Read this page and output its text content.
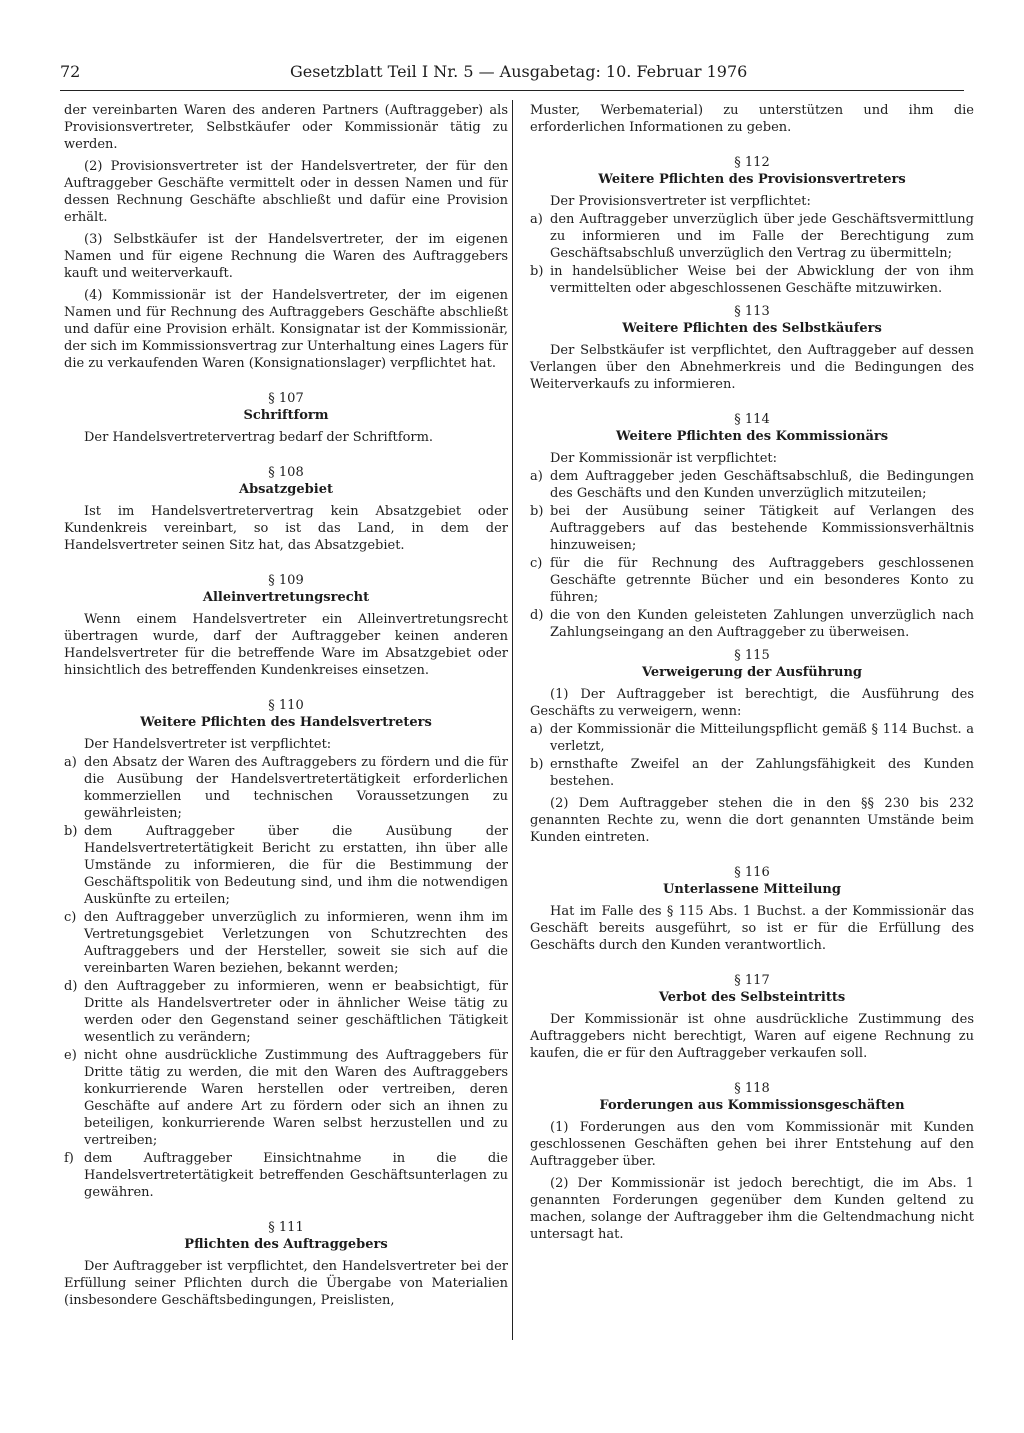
72	Gesetzblatt Teil I Nr. 5 — Ausgabetag: 10. Februar 1976

der vereinbarten Waren des anderen Partners (Auftraggeber) als Provisionsvertreter, Selbstkäufer oder Kommissionär tätig zu werden.

(2) Provisionsvertreter ist der Handelsvertreter, der für den Auftraggeber Geschäfte vermittelt oder in dessen Namen und für dessen Rechnung Geschäfte abschließt und dafür eine Provision erhält.

(3) Selbstkäufer ist der Handelsvertreter, der im eigenen Namen und für eigene Rechnung die Waren des Auftraggebers kauft und weiterverkauft.

(4) Kommissionär ist der Handelsvertreter, der im eigenen Namen und für Rechnung des Auftraggebers Geschäfte abschließt und dafür eine Provision erhält. Konsignatar ist der Kommissionär, der sich im Kommissionsvertrag zur Unterhaltung eines Lagers für die zu verkaufenden Waren (Konsignationslager) verpflichtet hat.

§ 107

Schriftform

Der Handelsvertretervertrag bedarf der Schriftform.

§ 108

Absatzgebiet

Ist im Handelsvertretervertrag kein Absatzgebiet oder Kundenkreis vereinbart, so ist das Land, in dem der Handelsvertreter seinen Sitz hat, das Absatzgebiet.

§ 109

Alleinvertretungsrecht

Wenn einem Handelsvertreter ein Alleinvertretungsrecht übertragen wurde, darf der Auftraggeber keinen anderen Handelsvertreter für die betreffende Ware im Absatzgebiet oder hinsichtlich des betreffenden Kundenkreises einsetzen.

§ 110

Weitere Pflichten des Handelsvertreters

Der Handelsvertreter ist verpflichtet:

a) den Absatz der Waren des Auftraggebers zu fördern und die für die Ausübung der Handelsvertretertätigkeit erforderlichen kommerziellen und technischen Voraussetzungen zu gewährleisten;
b) dem Auftraggeber über die Ausübung der Handelsvertretertätigkeit Bericht zu erstatten, ihn über alle Umstände zu informieren, die für die Bestimmung der Geschäftspolitik von Bedeutung sind, und ihm die notwendigen Auskünfte zu erteilen;
c) den Auftraggeber unverzüglich zu informieren, wenn ihm im Vertretungsgebiet Verletzungen von Schutzrechten des Auftraggebers und der Hersteller, soweit sie sich auf die vereinbarten Waren beziehen, bekannt werden;
d) den Auftraggeber zu informieren, wenn er beabsichtigt, für Dritte als Handelsvertreter oder in ähnlicher Weise tätig zu werden oder den Gegenstand seiner geschäftlichen Tätigkeit wesentlich zu verändern;
e) nicht ohne ausdrückliche Zustimmung des Auftraggebers für Dritte tätig zu werden, die mit den Waren des Auftraggebers konkurrierende Waren herstellen oder vertreiben, deren Geschäfte auf andere Art zu fördern oder sich an ihnen zu beteiligen, konkurrierende Waren selbst herzustellen und zu vertreiben;
f) dem Auftraggeber Einsichtnahme in die die Handelsvertretertätigkeit betreffenden Geschäftsunterlagen zu gewähren.

§ 111

Pflichten des Auftraggebers

Der Auftraggeber ist verpflichtet, den Handelsvertreter bei der Erfüllung seiner Pflichten durch die Übergabe von Materialien (insbesondere Geschäftsbedingungen, Preislisten,

Muster, Werbematerial) zu unterstützen und ihm die erforderlichen Informationen zu geben.

§ 112

Weitere Pflichten des Provisionsvertreters

Der Provisionsvertreter ist verpflichtet:

a) den Auftraggeber unverzüglich über jede Geschäftsvermittlung zu informieren und im Falle der Berechtigung zum Geschäftsabschluß unverzüglich den Vertrag zu übermitteln;
b) in handelsüblicher Weise bei der Abwicklung der von ihm vermittelten oder abgeschlossenen Geschäfte mitzuwirken.

§ 113

Weitere Pflichten des Selbstkäufers

Der Selbstkäufer ist verpflichtet, den Auftraggeber auf dessen Verlangen über den Abnehmerkreis und die Bedingungen des Weiterverkaufs zu informieren.

§ 114

Weitere Pflichten des Kommissionärs

Der Kommissionär ist verpflichtet:

a) dem Auftraggeber jeden Geschäftsabschluß, die Bedingungen des Geschäfts und den Kunden unverzüglich mitzuteilen;
b) bei der Ausübung seiner Tätigkeit auf Verlangen des Auftraggebers auf das bestehende Kommissionsverhältnis hinzuweisen;
c) für die für Rechnung des Auftraggebers geschlossenen Geschäfte getrennte Bücher und ein besonderes Konto zu führen;
d) die von den Kunden geleisteten Zahlungen unverzüglich nach Zahlungseingang an den Auftraggeber zu überweisen.

§ 115

Verweigerung der Ausführung

(1) Der Auftraggeber ist berechtigt, die Ausführung des Geschäfts zu verweigern, wenn:

a) der Kommissionär die Mitteilungspflicht gemäß § 114 Buchst. a verletzt,
b) ernsthafte Zweifel an der Zahlungsfähigkeit des Kunden bestehen.

(2) Dem Auftraggeber stehen die in den §§ 230 bis 232 genannten Rechte zu, wenn die dort genannten Umstände beim Kunden eintreten.

§ 116

Unterlassene Mitteilung

Hat im Falle des § 115 Abs. 1 Buchst. a der Kommissionär das Geschäft bereits ausgeführt, so ist er für die Erfüllung des Geschäfts durch den Kunden verantwortlich.

§ 117

Verbot des Selbsteintritts

Der Kommissionär ist ohne ausdrückliche Zustimmung des Auftraggebers nicht berechtigt, Waren auf eigene Rechnung zu kaufen, die er für den Auftraggeber verkaufen soll.

§ 118

Forderungen aus Kommissionsgeschäften

(1) Forderungen aus den vom Kommissionär mit Kunden geschlossenen Geschäften gehen bei ihrer Entstehung auf den Auftraggeber über.

(2) Der Kommissionär ist jedoch berechtigt, die im Abs. 1 genannten Forderungen gegenüber dem Kunden geltend zu machen, solange der Auftraggeber ihm die Geltendmachung nicht untersagt hat.
